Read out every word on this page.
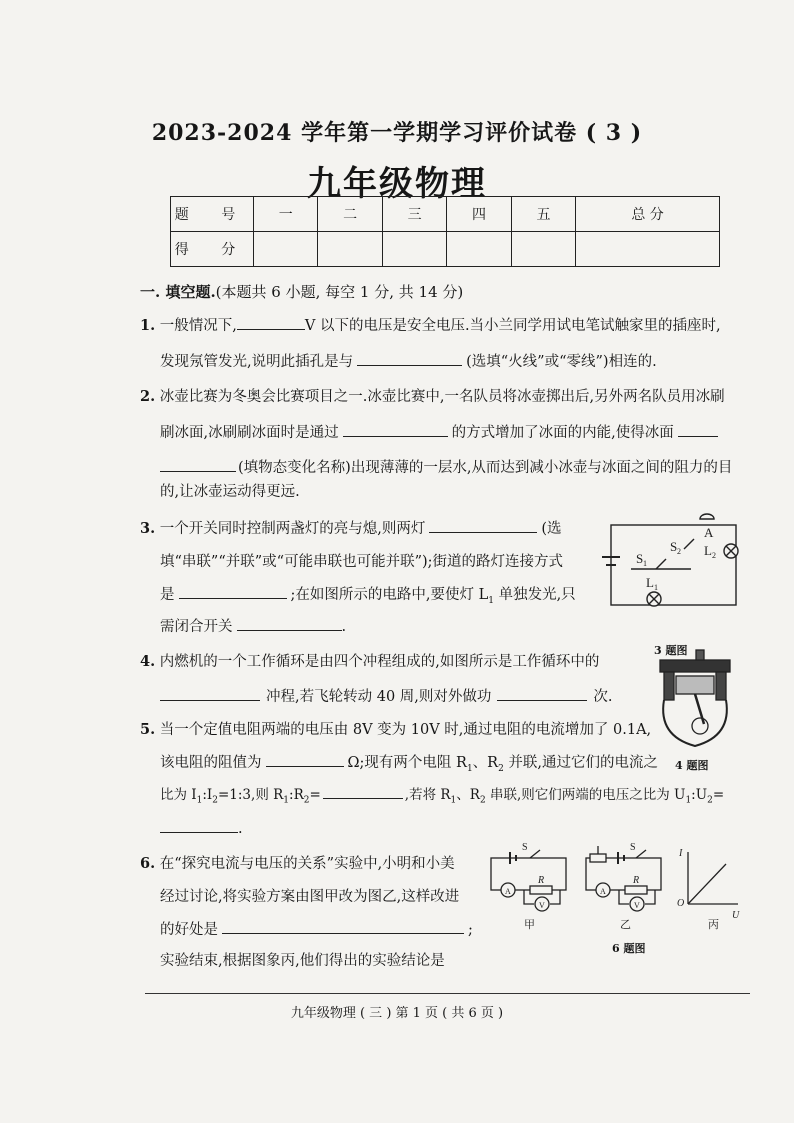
2023-2024 学年第一学期学习评价试卷 ( 3 )
九年级物理
题 号	一	二	三	四	五	总 分
得 分						
一. 填空题.(本题共 6 小题, 每空 1 分, 共 14 分)
1. 一般情况下,	V 以下的电压是安全电压.当小兰同学用试电笔试触家里的插座时,
发现氖管发光,说明此插孔是与	(选填“火线”或“零线”)相连的.
2. 冰壶比赛为冬奥会比赛项目之一.冰壶比赛中,一名队员将冰壶掷出后,另外两名队员用冰刷
刷冰面,冰刷刷冰面时是通过	的方式增加了冰面的内能,使得冰面
(填物态变化名称)出现薄薄的一层水,从而达到减小冰壶与冰面之间的阻力的目
的,让冰壶运动得更远.
3. 一个开关同时控制两盏灯的亮与熄,则两灯	(选
填“串联”“并联”或“可能串联也可能并联”);街道的路灯连接方式
是	;在如图所示的电路中,要使灯 $L_1$ 单独发光,只
需闭合开关	.
A
L 2
S 1
S 2
L 1
3 题图
4. 内燃机的一个工作循环是由四个冲程组成的,如图所示是工作循环中的
冲程,若飞轮转动 40 周,则对外做功	次.
4 题图
5. 当一个定值电阻两端的电压由 8V 变为 10V 时,通过电阻的电流增加了 0.1A,
该电阻的阻值为	Ω;现有两个电阻 $R_1$、$R_2$ 并联,通过它们的电流之
比为 $I_1:I_2=1:3$,则 $R_1:R_2=$	,若将 $R_1$、$R_2$ 串联,则它们两端的电压之比为 $U_1:U_2=$
.
6. 在“探究电流与电压的关系”实验中,小明和小美
经过讨论,将实验方案由图甲改为图乙,这样改进
的好处是	;
实验结束,根据图象丙,他们得出的实验结论是
S
R
A
V
S
R
A
V
I
O
U
甲	乙	丙
6 题图
九年级物理 ( 三 ) 第 1 页 ( 共 6 页 )
